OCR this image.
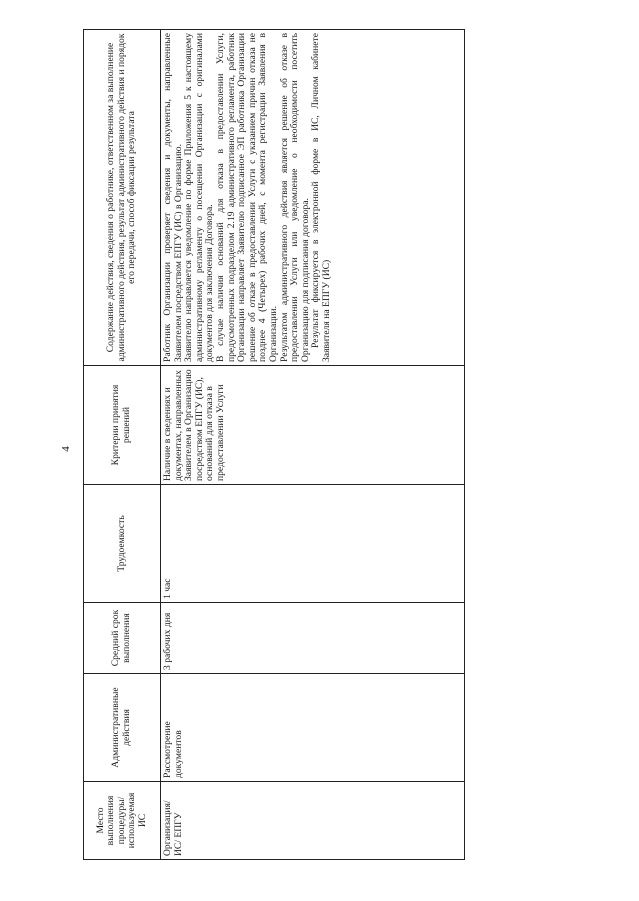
4
Место выполнения процедуры/ используемая ИС	Административные действия	Средний срок выполнения	Трудоемкость	Критерии принятия решений	Содержание действия, сведения о работнике, ответственном за выполнение административного действия, результат административного действия и порядок его передачи, способ фиксации результата
Организация/ИС/ ЕПГУ	Рассмотрение документов	3 рабочих дня	1 час	Наличие в сведениях и документах, направленных Заявителем в Организацию посредством ЕПГУ (ИС), оснований для отказа в предоставлении Услуги	Работник Организации проверяет сведения и документы, направленные Заявителем посредством ЕПГУ (ИС) в Организацию. Заявителю направляется уведомление по форме Приложения 5 к настоящему административному регламенту о посещении Организации с оригиналами документов для заключения Договора. В случае наличия оснований для отказа в предоставлении Услуги, предусмотренных подразделом 2.19 административного регламента, работник Организации направляет Заявителю подписанное ЭП работника Организации решение об отказе в предоставлении Услуги с указанием причин отказа не позднее 4 (Четырех) рабочих дней, с момента регистрации Заявления в Организации. Результатом административного действия является решение об отказе в предоставлении Услуги или уведомление о необходимости посетить Организацию для подписания договора. Результат фиксируется в электронной форме в ИС, Личном кабинете Заявителя на ЕПГУ (ИС)
